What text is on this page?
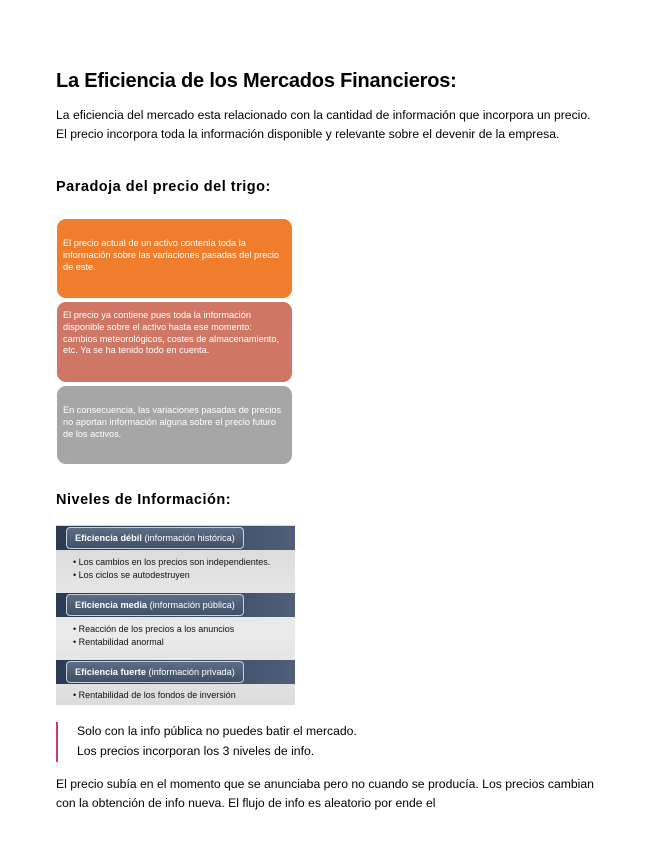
La Eficiencia de los Mercados Financieros:
La eficiencia del mercado esta relacionado con la cantidad de información que incorpora un precio. El precio incorpora toda la información disponible y relevante sobre el devenir de la empresa.
Paradoja del precio del trigo:
El precio actual de un activo contenía toda la información sobre las variaciones pasadas del precio de este.
El precio ya contiene pues toda la información disponible sobre el activo hasta ese momento: cambios meteorológicos, costes de almacenamiento, etc. Ya se ha tenido todo en cuenta.
En consecuencia, las variaciones pasadas de precios no aportan información alguna sobre el precio futuro de los activos.
Niveles de Información:
Eficiencia débil (información histórica)
• Los cambios en los precios son independientes.
• Los ciclos se autodestruyen
Eficiencia media (información pública)
• Reacción de los precios a los anuncios
• Rentabilidad anormal
Eficiencia fuerte (información privada)
• Rentabilidad de los fondos de inversión
Solo con la info pública no puedes batir el mercado.
Los precios incorporan los 3 niveles de info.
El precio subía en el momento que se anunciaba pero no cuando se producía. Los precios cambian con la obtención de info nueva. El flujo de info es aleatorio por ende el
